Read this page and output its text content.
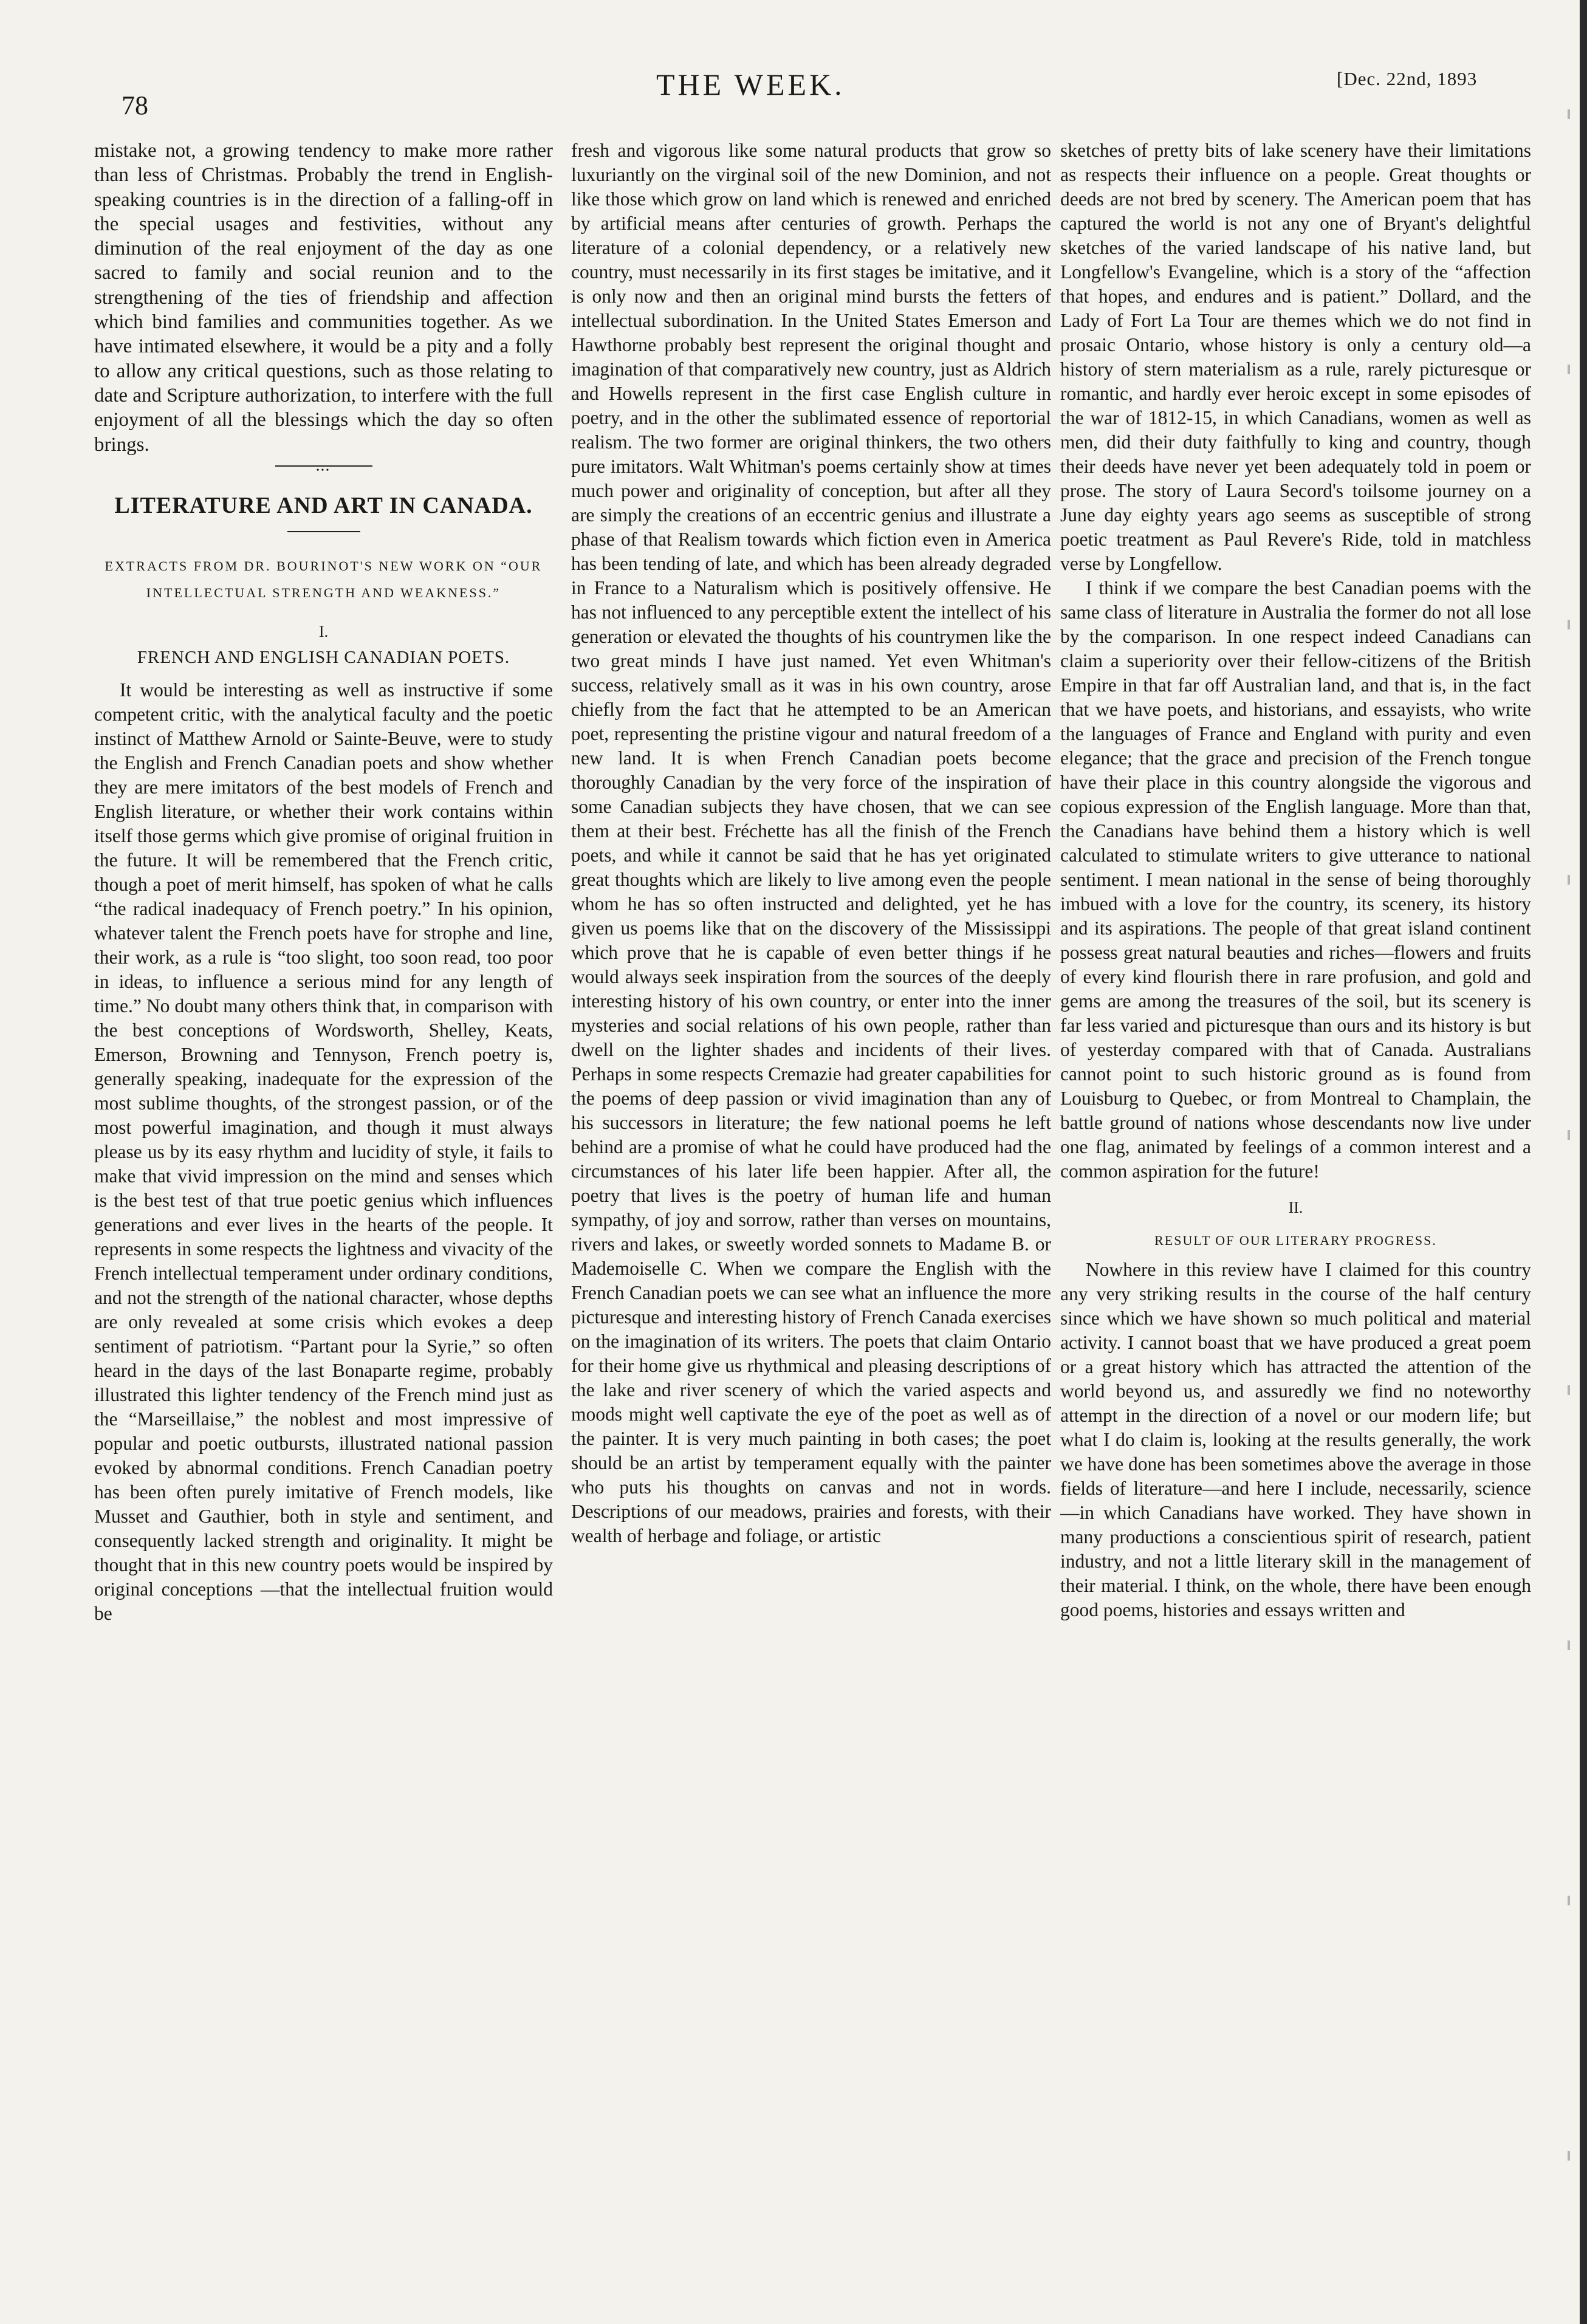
78
THE WEEK.	[Dec. 22nd, 1893

mistake not, a growing tendency to make more rather than less of Christmas. Probably the trend in English-speaking countries is in the direction of a falling-off in the special usages and festivities, without any diminution of the real enjoyment of the day as one sacred to family and social reunion and to the strengthening of the ties of friendship and affection which bind families and communities together. As we have intimated elsewhere, it would be a pity and a folly to allow any critical questions, such as those relating to date and Scripture authorization, to interfere with the full enjoyment of all the blessings which the day so often brings.

•••
LITERATURE AND ART IN CANADA.
EXTRACTS FROM DR. BOURINOT'S NEW WORK ON “OUR INTELLECTUAL STRENGTH AND WEAKNESS.”
I.
FRENCH AND ENGLISH CANADIAN POETS.

It would be interesting as well as instructive if some competent critic, with the analytical faculty and the poetic instinct of Matthew Arnold or Sainte-Beuve, were to study the English and French Canadian poets and show whether they are mere imitators of the best models of French and English literature, or whether their work contains within itself those germs which give promise of original fruition in the future. It will be remembered that the French critic, though a poet of merit himself, has spoken of what he calls “the radical inadequacy of French poetry.” In his opinion, whatever talent the French poets have for strophe and line, their work, as a rule is “too slight, too soon read, too poor in ideas, to influence a serious mind for any length of time.” No doubt many others think that, in comparison with the best conceptions of Wordsworth, Shelley, Keats, Emerson, Browning and Tennyson, French poetry is, generally speaking, inadequate for the expression of the most sublime thoughts, of the strongest passion, or of the most powerful imagination, and though it must always please us by its easy rhythm and lucidity of style, it fails to make that vivid impression on the mind and senses which is the best test of that true poetic genius which influences generations and ever lives in the hearts of the people. It represents in some respects the lightness and vivacity of the French intellectual temperament under ordinary conditions, and not the strength of the national character, whose depths are only revealed at some crisis which evokes a deep sentiment of patriotism. “Partant pour la Syrie,” so often heard in the days of the last Bonaparte regime, probably illustrated this lighter tendency of the French mind just as the “Marseillaise,” the noblest and most impressive of popular and poetic outbursts, illustrated national passion evoked by abnormal conditions. French Canadian poetry has been often purely imitative of French models, like Musset and Gauthier, both in style and sentiment, and consequently lacked strength and originality. It might be thought that in this new country poets would be inspired by original conceptions —that the intellectual fruition would be

fresh and vigorous like some natural products that grow so luxuriantly on the virginal soil of the new Dominion, and not like those which grow on land which is renewed and enriched by artificial means after centuries of growth. Perhaps the literature of a colonial dependency, or a relatively new country, must necessarily in its first stages be imitative, and it is only now and then an original mind bursts the fetters of intellectual subordination. In the United States Emerson and Hawthorne probably best represent the original thought and imagination of that comparatively new country, just as Aldrich and Howells represent in the first case English culture in poetry, and in the other the sublimated essence of reportorial realism. The two former are original thinkers, the two others pure imitators. Walt Whitman's poems certainly show at times much power and originality of conception, but after all they are simply the creations of an eccentric genius and illustrate a phase of that Realism towards which fiction even in America has been tending of late, and which has been already degraded in France to a Naturalism which is positively offensive. He has not influenced to any perceptible extent the intellect of his generation or elevated the thoughts of his countrymen like the two great minds I have just named. Yet even Whitman's success, relatively small as it was in his own country, arose chiefly from the fact that he attempted to be an American poet, representing the pristine vigour and natural freedom of a new land. It is when French Canadian poets become thoroughly Canadian by the very force of the inspiration of some Canadian subjects they have chosen, that we can see them at their best. Fréchette has all the finish of the French poets, and while it cannot be said that he has yet originated great thoughts which are likely to live among even the people whom he has so often instructed and delighted, yet he has given us poems like that on the discovery of the Mississippi which prove that he is capable of even better things if he would always seek inspiration from the sources of the deeply interesting history of his own country, or enter into the inner mysteries and social relations of his own people, rather than dwell on the lighter shades and incidents of their lives. Perhaps in some respects Cremazie had greater capabilities for the poems of deep passion or vivid imagination than any of his successors in literature; the few national poems he left behind are a promise of what he could have produced had the circumstances of his later life been happier. After all, the poetry that lives is the poetry of human life and human sympathy, of joy and sorrow, rather than verses on mountains, rivers and lakes, or sweetly worded sonnets to Madame B. or Mademoiselle C. When we compare the English with the French Canadian poets we can see what an influence the more picturesque and interesting history of French Canada exercises on the imagination of its writers. The poets that claim Ontario for their home give us rhythmical and pleasing descriptions of the lake and river scenery of which the varied aspects and moods might well captivate the eye of the poet as well as of the painter. It is very much painting in both cases; the poet should be an artist by temperament equally with the painter who puts his thoughts on canvas and not in words. Descriptions of our meadows, prairies and forests, with their wealth of herbage and foliage, or artistic

sketches of pretty bits of lake scenery have their limitations as respects their influence on a people. Great thoughts or deeds are not bred by scenery. The American poem that has captured the world is not any one of Bryant's delightful sketches of the varied landscape of his native land, but Longfellow's Evangeline, which is a story of the “affection that hopes, and endures and is patient.” Dollard, and the Lady of Fort La Tour are themes which we do not find in prosaic Ontario, whose history is only a century old—a history of stern materialism as a rule, rarely picturesque or romantic, and hardly ever heroic except in some episodes of the war of 1812-15, in which Canadians, women as well as men, did their duty faithfully to king and country, though their deeds have never yet been adequately told in poem or prose. The story of Laura Secord's toilsome journey on a June day eighty years ago seems as susceptible of strong poetic treatment as Paul Revere's Ride, told in matchless verse by Longfellow.

I think if we compare the best Canadian poems with the same class of literature in Australia the former do not all lose by the comparison. In one respect indeed Canadians can claim a superiority over their fellow-citizens of the British Empire in that far off Australian land, and that is, in the fact that we have poets, and historians, and essayists, who write the languages of France and England with purity and even elegance; that the grace and precision of the French tongue have their place in this country alongside the vigorous and copious expression of the English language. More than that, the Canadians have behind them a history which is well calculated to stimulate writers to give utterance to national sentiment. I mean national in the sense of being thoroughly imbued with a love for the country, its scenery, its history and its aspirations. The people of that great island continent possess great natural beauties and riches—flowers and fruits of every kind flourish there in rare profusion, and gold and gems are among the treasures of the soil, but its scenery is far less varied and picturesque than ours and its history is but of yesterday compared with that of Canada. Australians cannot point to such historic ground as is found from Louisburg to Quebec, or from Montreal to Champlain, the battle ground of nations whose descendants now live under one flag, animated by feelings of a common interest and a common aspiration for the future!

II.
RESULT OF OUR LITERARY PROGRESS.

Nowhere in this review have I claimed for this country any very striking results in the course of the half century since which we have shown so much political and material activity. I cannot boast that we have produced a great poem or a great history which has attracted the attention of the world beyond us, and assuredly we find no noteworthy attempt in the direction of a novel or our modern life; but what I do claim is, looking at the results generally, the work we have done has been sometimes above the average in those fields of literature—and here I include, necessarily, science —in which Canadians have worked. They have shown in many productions a conscientious spirit of research, patient industry, and not a little literary skill in the management of their material. I think, on the whole, there have been enough good poems, histories and essays written and
